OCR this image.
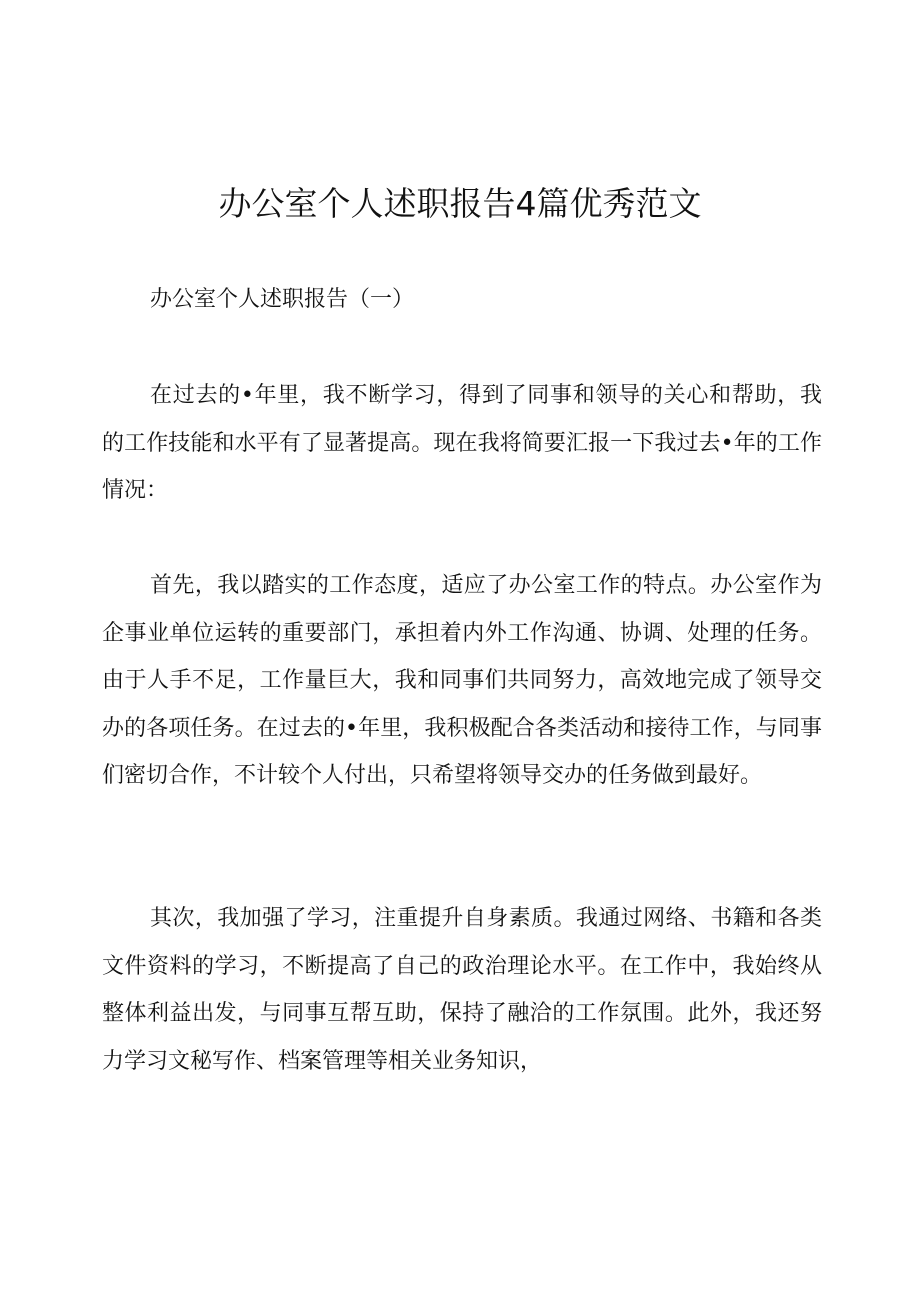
办公室个人述职报告4篇优秀范文

办公室个人述职报告（一）

在过去的•年里，我不断学习，得到了同事和领导的关心和帮助，我的工作技能和水平有了显著提高。现在我将简要汇报一下我过去•年的工作情况：

首先，我以踏实的工作态度，适应了办公室工作的特点。办公室作为企事业单位运转的重要部门，承担着内外工作沟通、协调、处理的任务。由于人手不足，工作量巨大，我和同事们共同努力，高效地完成了领导交办的各项任务。在过去的•年里，我积极配合各类活动和接待工作，与同事们密切合作，不计较个人付出，只希望将领导交办的任务做到最好。

其次，我加强了学习，注重提升自身素质。我通过网络、书籍和各类文件资料的学习，不断提高了自己的政治理论水平。在工作中，我始终从整体利益出发，与同事互帮互助，保持了融洽的工作氛围。此外，我还努力学习文秘写作、档案管理等相关业务知识，
